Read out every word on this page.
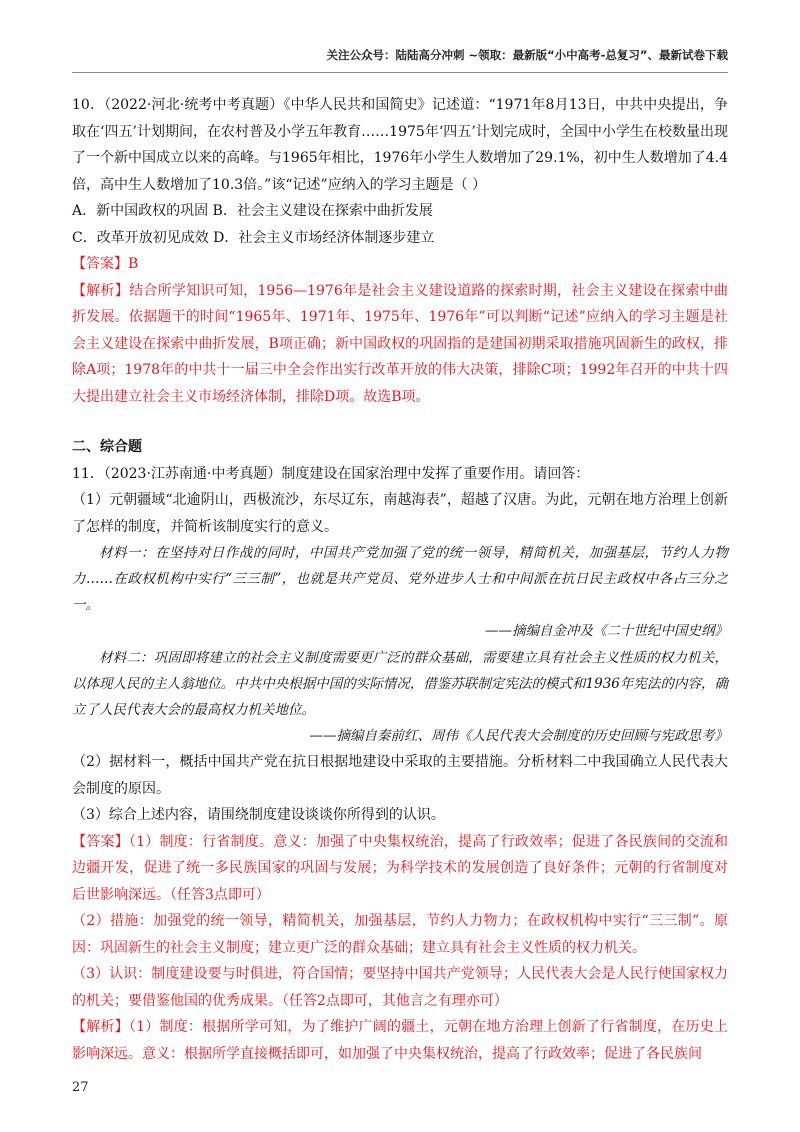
关注公众号：陆陆高分冲刺 ~领取：最新版“小中高考-总复习”、最新试卷下载

10．（2022·河北·统考中考真题）《中华人民共和国简史》记述道：“1971年8月13日，中共中央提出，争取在‘四五’计划期间，在农村普及小学五年教育……1975年‘四五’计划完成时，全国中小学生在校数量出现了一个新中国成立以来的高峰。与1965年相比，1976年小学生人数增加了29.1%，初中生人数增加了4.4倍，高中生人数增加了10.3倍。”该“记述”应纳入的学习主题是（ ）

A．新中国政权的巩固 B．社会主义建设在探索中曲折发展

C．改革开放初见成效 D．社会主义市场经济体制逐步建立

【答案】B

【解析】结合所学知识可知，1956—1976年是社会主义建设道路的探索时期，社会主义建设在探索中曲折发展。依据题干的时间“1965年、1971年、1975年、1976年”可以判断“记述”应纳入的学习主题是社会主义建设在探索中曲折发展，B项正确；新中国政权的巩固指的是建国初期采取措施巩固新生的政权，排除A项；1978年的中共十一届三中全会作出实行改革开放的伟大决策，排除C项；1992年召开的中共十四大提出建立社会主义市场经济体制，排除D项。故选B项。

二、综合题

11．（2023·江苏南通·中考真题）制度建设在国家治理中发挥了重要作用。请回答：

（1）元朝疆域“北逾阴山，西极流沙，东尽辽东，南越海表”，超越了汉唐。为此，元朝在地方治理上创新了怎样的制度，并简析该制度实行的意义。

材料一：在坚持对日作战的同时，中国共产党加强了党的统一领导，精简机关，加强基层，节约人力物力……在政权机构中实行“三三制”，也就是共产党员、党外进步人士和中间派在抗日民主政权中各占三分之一。

——摘编自金冲及《二十世纪中国史纲》

材料二：巩固即将建立的社会主义制度需要更广泛的群众基础，需要建立具有社会主义性质的权力机关，以体现人民的主人翁地位。中共中央根据中国的实际情况，借鉴苏联制定宪法的模式和1936年宪法的内容，确立了人民代表大会的最高权力机关地位。

——摘编自秦前红、周伟《人民代表大会制度的历史回顾与宪政思考》

（2）据材料一，概括中国共产党在抗日根据地建设中采取的主要措施。分析材料二中我国确立人民代表大会制度的原因。

（3）综合上述内容，请围绕制度建设谈谈你所得到的认识。

【答案】（1）制度：行省制度。意义：加强了中央集权统治，提高了行政效率；促进了各民族间的交流和边疆开发，促进了统一多民族国家的巩固与发展；为科学技术的发展创造了良好条件；元朝的行省制度对后世影响深远。（任答3点即可）

（2）措施：加强党的统一领导，精简机关，加强基层，节约人力物力；在政权机构中实行“三三制”。原因：巩固新生的社会主义制度；建立更广泛的群众基础；建立具有社会主义性质的权力机关。

（3）认识：制度建设要与时俱进，符合国情；要坚持中国共产党领导；人民代表大会是人民行使国家权力的机关；要借鉴他国的优秀成果。（任答2点即可，其他言之有理亦可）

【解析】（1）制度：根据所学可知，为了维护广阔的疆土，元朝在地方治理上创新了行省制度，在历史上影响深远。意义：根据所学直接概括即可，如加强了中央集权统治，提高了行政效率；促进了各民族间

27
